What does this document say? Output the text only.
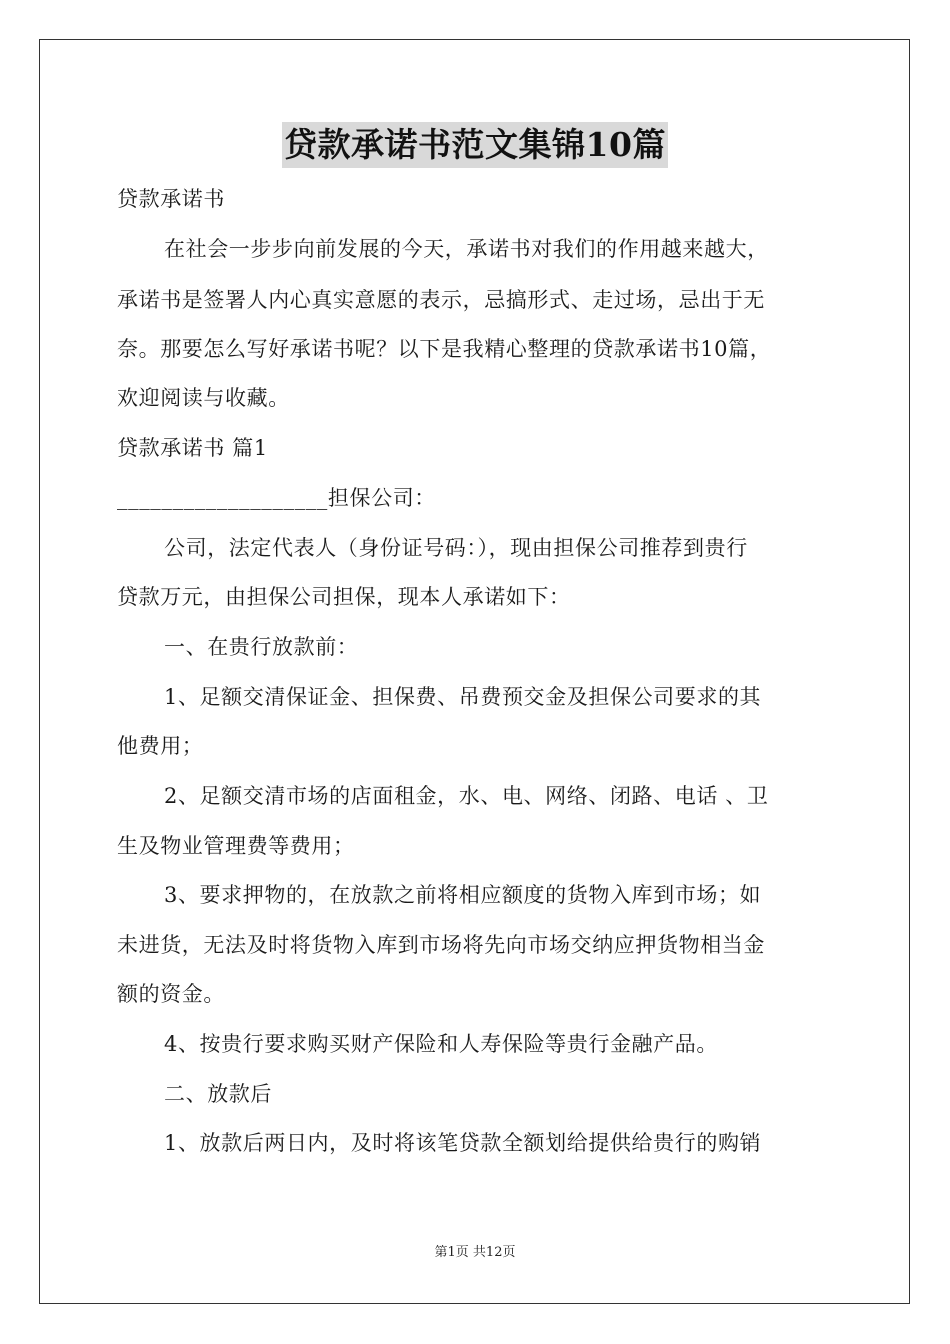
贷款承诺书范文集锦10篇
贷款承诺书
在社会一步步向前发展的今天，承诺书对我们的作用越来越大，
承诺书是签署人内心真实意愿的表示，忌搞形式、走过场，忌出于无
奈。那要怎么写好承诺书呢？以下是我精心整理的贷款承诺书10篇，
欢迎阅读与收藏。
贷款承诺书 篇1
___________________担保公司：
公司，法定代表人（身份证号码：），现由担保公司推荐到贵行
贷款万元，由担保公司担保，现本人承诺如下：
一、在贵行放款前：
1、足额交清保证金、担保费、吊费预交金及担保公司要求的其
他费用；
2、足额交清市场的店面租金，水、电、网络、闭路、电话 、卫
生及物业管理费等费用；
3、要求押物的，在放款之前将相应额度的货物入库到市场；如
未进货，无法及时将货物入库到市场将先向市场交纳应押货物相当金
额的资金。
4、按贵行要求购买财产保险和人寿保险等贵行金融产品。
二、放款后
1、放款后两日内，及时将该笔贷款全额划给提供给贵行的购销
第1页 共12页
